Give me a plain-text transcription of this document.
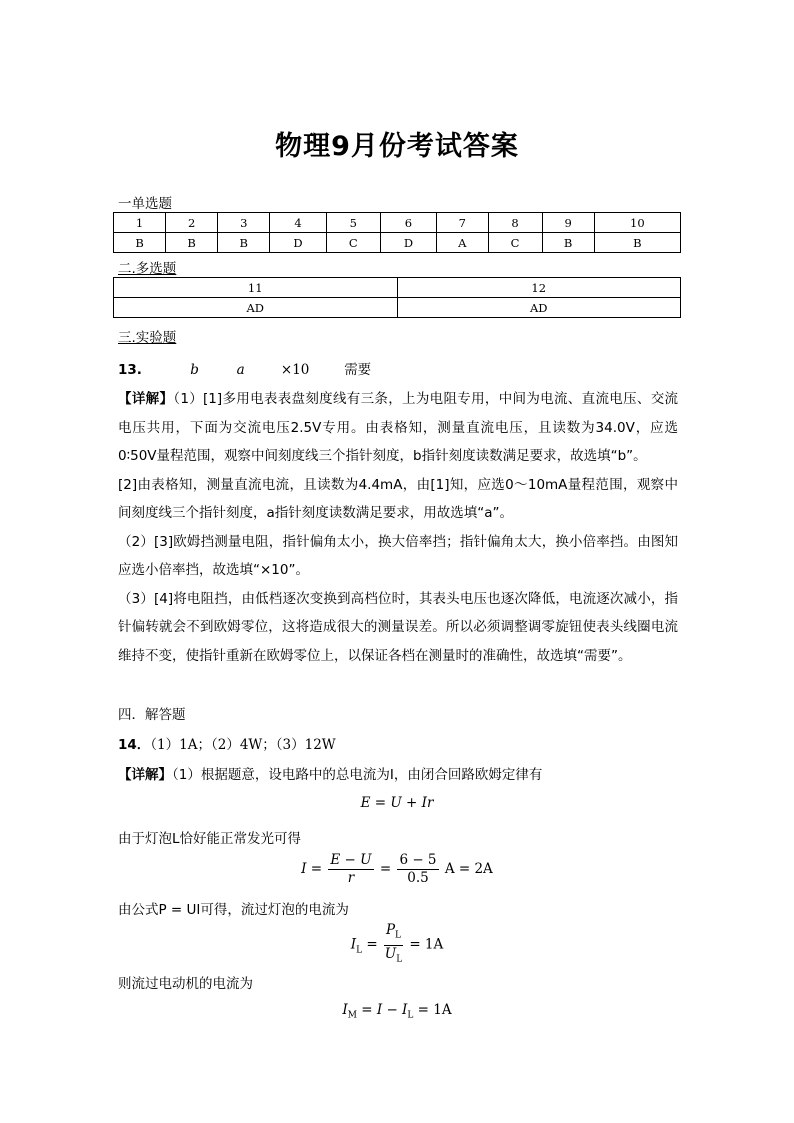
物理9月份考试答案
一单选题
1	2	3	4	5	6	7	8	9	10
B	B	B	D	C	D	A	C	B	B
二.多选题
11	12
AD	AD
三.实验题
13.	b	a	×10	需要

【详解】（1）[1]多用电表表盘刻度线有三条，上为电阻专用，中间为电流、直流电压、交流电压共用，下面为交流电压2.5V专用。由表格知，测量直流电压，且读数为34.0V，应选0∶50V量程范围，观察中间刻度线三个指针刻度，b指针刻度读数满足要求，故选填“b”。

[2]由表格知，测量直流电流，且读数为4.4mA，由[1]知，应选0～10mA量程范围，观察中间刻度线三个指针刻度，a指针刻度读数满足要求，用故选填“a”。

（2）[3]欧姆挡测量电阻，指针偏角太小，换大倍率挡；指针偏角太大，换小倍率挡。由图知应选小倍率挡，故选填“×10”。

（3）[4]将电阻挡，由低档逐次变换到高档位时，其表头电压也逐次降低，电流逐次减小，指针偏转就会不到欧姆零位，这将造成很大的测量误差。所以必须调整调零旋钮使表头线圈电流维持不变，使指针重新在欧姆零位上，以保证各档在测量时的准确性，故选填“需要”。

四．解答题
14．（1）1A；（2）4W；（3）12W
【详解】（1）根据题意，设电路中的总电流为I，由闭合回路欧姆定律有
E = U + Ir
由于灯泡L恰好能正常发光可得
$I = \frac{E - U}{r} = \frac{6 - 5}{0.5}$ A = 2A
由公式P = UI可得，流过灯泡的电流为
$I_L = \frac{P_L}{U_L} = 1A$
则流过电动机的电流为
$I_M = I - I_L = 1A$
